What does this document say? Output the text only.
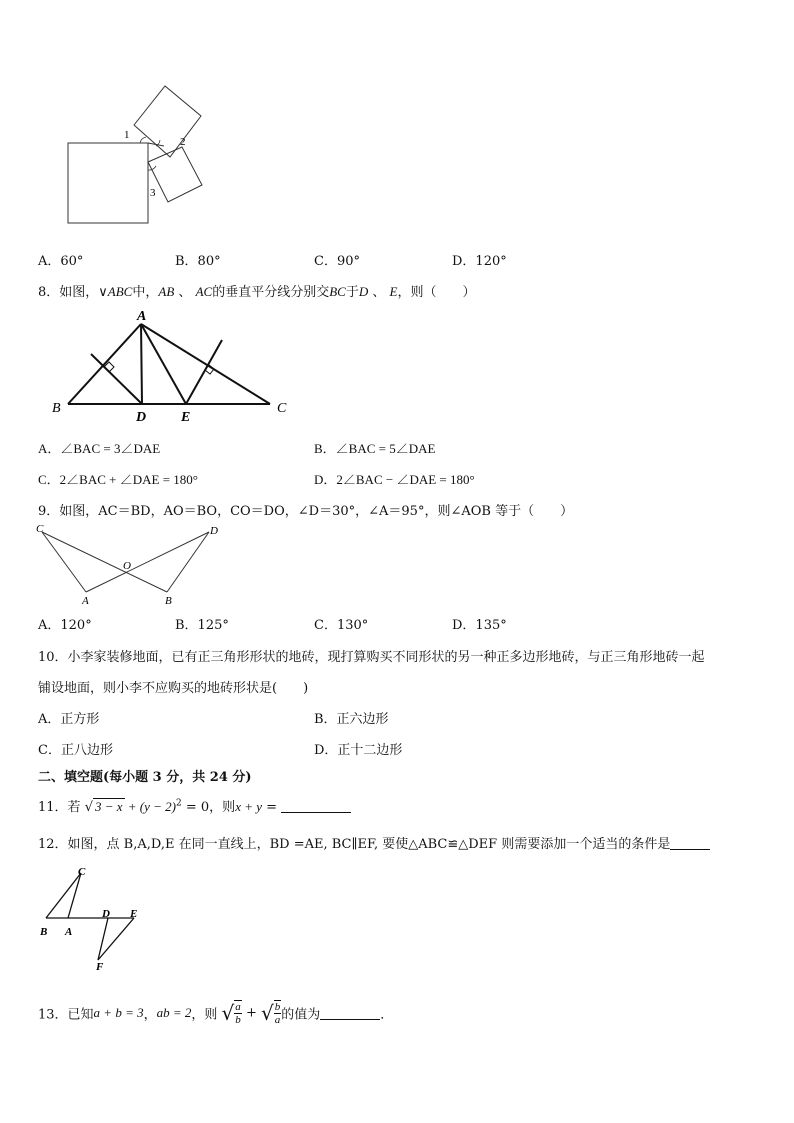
1
2
3
A．60°	B．80°	C．90°	D．120°
8．如图，∨ABC中，AB 、 AC的垂直平分线分别交BC于D 、 E，则（　　）
A
B
D E
C
A．∠BAC = 3∠DAE	B．∠BAC = 5∠DAE
C．2∠BAC + ∠DAE = 180°	D．2∠BAC − ∠DAE = 180°
9．如图，AC＝BD，AO＝BO，CO＝DO，∠D＝30°，∠A＝95°，则∠AOB 等于（　　）
C	D
O
A	B
A．120°	B．125°	C．130°	D．135°
10．小李家装修地面，已有正三角形形状的地砖，现打算购买不同形状的另一种正多边形地砖，与正三角形地砖一起
铺设地面，则小李不应购买的地砖形状是(　　)
A．正方形	B．正六边形
C．正八边形	D．正十二边形
二、填空题(每小题 3 分，共 24 分)
11．若 √ $3 - x + (y - 2)^2 = 0$，则x + y =
12．如图，点 B,A,D,E 在同一直线上，BD =AE, BC∥EF, 要使△ABC≌△DEF 则需要添加一个适当的条件是
C
B A
D E
F
13．已知a + b = 3，ab = 2，则 √ $\frac{a}{b}$ + √ $\frac{b}{a}$ 的值为	．
